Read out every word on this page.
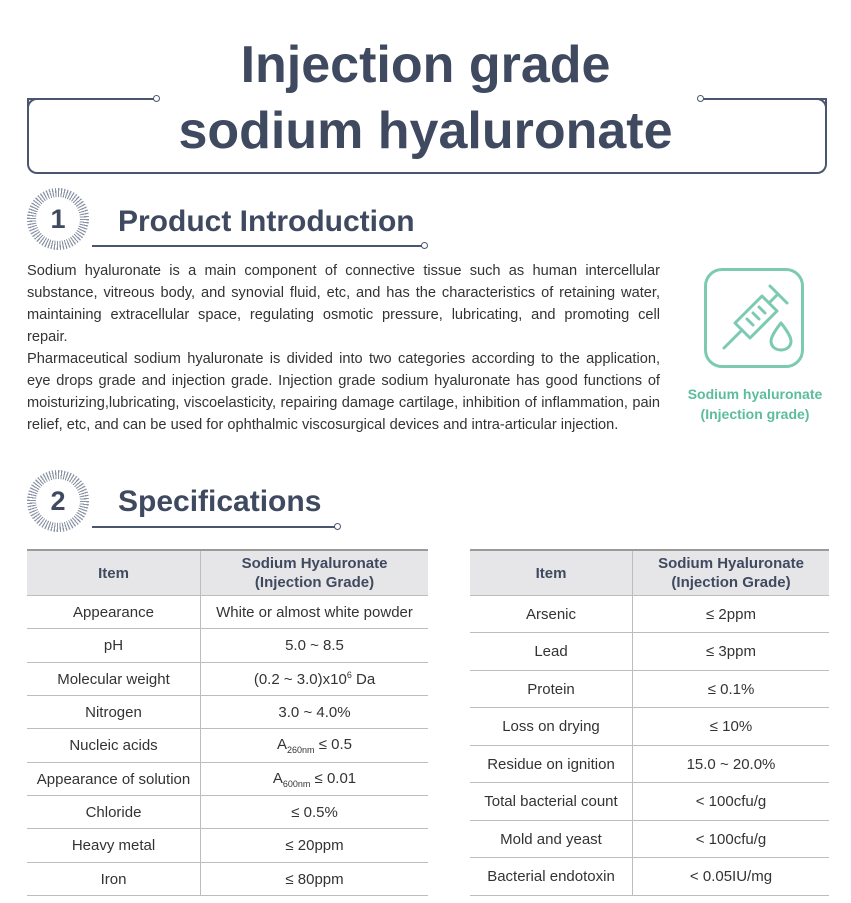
Injection grade
sodium hyaluronate
1	Product Introduction

Sodium hyaluronate is a main component of connective tissue such as human intercellular substance, vitreous body, and synovial fluid, etc, and has the characteristics of retaining water, maintaining extracellular space, regulating osmotic pressure, lubricating, and promoting cell repair.

Pharmaceutical sodium hyaluronate is divided into two categories according to the application, eye drops grade and injection grade. Injection grade sodium hyaluronate has good functions of moisturizing,lubricating, viscoelasticity, repairing damage cartilage, inhibition of inflammation, pain relief, etc, and can be used for ophthalmic viscosurgical devices and intra-articular injection.

Sodium hyaluronate
(Injection grade)
2	Specifications
Item	Sodium Hyaluronate
(Injection Grade)

Appearance	White or almost white powder
pH	5.0 ~ 8.5
Molecular weight	(0.2 ~ $3.0)x10^6$ Da
Nitrogen	3.0 ~ 4.0%
Nucleic acids	$A_{260nm} \le 0.5$
Appearance of solution	$A_{600nm} \le 0.01$
Chloride	≤ 0.5%
Heavy metal	≤ 20ppm
Iron	≤ 80ppm
Item	Sodium Hyaluronate
(Injection Grade)

Arsenic	≤ 2ppm
Lead	≤ 3ppm
Protein	≤ 0.1%
Loss on drying	≤ 10%
Residue on ignition	15.0 ~ 20.0%
Total bacterial count	< 100cfu/g
Mold and yeast	< 100cfu/g
Bacterial endotoxin	< 0.05IU/mg
